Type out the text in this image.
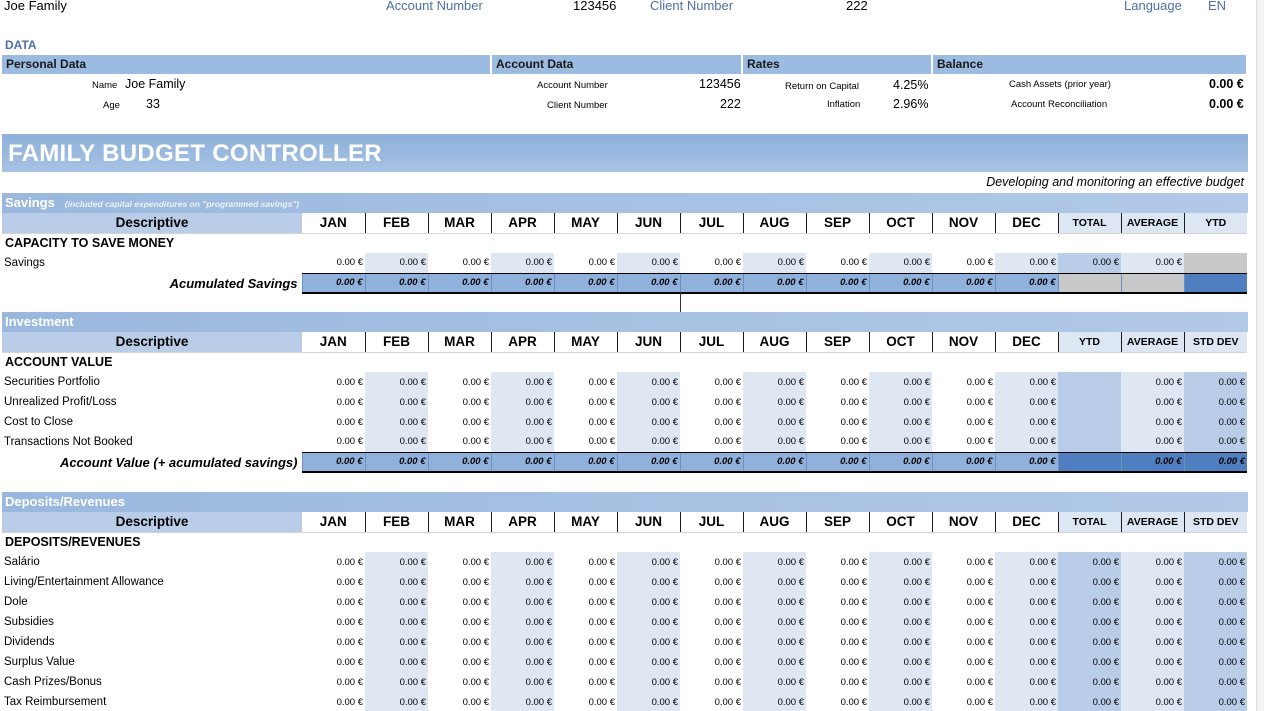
Joe Family	Account Number	123456	Client Number	222	Language EN
DATA
Personal Data	Account Data	Rates	Balance
Name Joe Family
Age 33
Account Number	123456
Client Number	222
Return on Capital	4.25%
Inflation	2.96%
Cash Assets (prior year)	0.00 €
Account Reconciliation	0.00 €
FAMILY BUDGET CONTROLLER
Developing and monitoring an effective budget
Savings (included capital expenditures on "programmed savings")
Descriptive	JAN	FEB	MAR	APR	MAY	JUN	JUL	AUG	SEP	OCT	NOV	DEC	TOTAL	AVERAGE	YTD
CAPACITY TO SAVE MONEY															
Savings	0.00 €	0.00 €	0.00 €	0.00 €	0.00 €	0.00 €	0.00 €	0.00 €	0.00 €	0.00 €	0.00 €	0.00 €	0.00 €	0.00 €	
Acumulated Savings	0.00 €	0.00 €	0.00 €	0.00 €	0.00 €	0.00 €	0.00 €	0.00 €	0.00 €	0.00 €	0.00 €	0.00 €			
Investment
Descriptive	JAN	FEB	MAR	APR	MAY	JUN	JUL	AUG	SEP	OCT	NOV	DEC	YTD	AVERAGE	STD DEV
ACCOUNT VALUE															
Securities Portfolio	0.00 €	0.00 €	0.00 €	0.00 €	0.00 €	0.00 €	0.00 €	0.00 €	0.00 €	0.00 €	0.00 €	0.00 €		0.00 €	0.00 €
Unrealized Profit/Loss	0.00 €	0.00 €	0.00 €	0.00 €	0.00 €	0.00 €	0.00 €	0.00 €	0.00 €	0.00 €	0.00 €	0.00 €		0.00 €	0.00 €
Cost to Close	0.00 €	0.00 €	0.00 €	0.00 €	0.00 €	0.00 €	0.00 €	0.00 €	0.00 €	0.00 €	0.00 €	0.00 €		0.00 €	0.00 €
Transactions Not Booked	0.00 €	0.00 €	0.00 €	0.00 €	0.00 €	0.00 €	0.00 €	0.00 €	0.00 €	0.00 €	0.00 €	0.00 €		0.00 €	0.00 €
Account Value (+ acumulated savings)	0.00 €	0.00 €	0.00 €	0.00 €	0.00 €	0.00 €	0.00 €	0.00 €	0.00 €	0.00 €	0.00 €	0.00 €		0.00 €	0.00 €
Deposits/Revenues
Descriptive	JAN	FEB	MAR	APR	MAY	JUN	JUL	AUG	SEP	OCT	NOV	DEC	TOTAL	AVERAGE	STD DEV
DEPOSITS/REVENUES															
Salário	0.00 €	0.00 €	0.00 €	0.00 €	0.00 €	0.00 €	0.00 €	0.00 €	0.00 €	0.00 €	0.00 €	0.00 €	0.00 €	0.00 €	0.00 €
Living/Entertainment Allowance	0.00 €	0.00 €	0.00 €	0.00 €	0.00 €	0.00 €	0.00 €	0.00 €	0.00 €	0.00 €	0.00 €	0.00 €	0.00 €	0.00 €	0.00 €
Dole	0.00 €	0.00 €	0.00 €	0.00 €	0.00 €	0.00 €	0.00 €	0.00 €	0.00 €	0.00 €	0.00 €	0.00 €	0.00 €	0.00 €	0.00 €
Subsidies	0.00 €	0.00 €	0.00 €	0.00 €	0.00 €	0.00 €	0.00 €	0.00 €	0.00 €	0.00 €	0.00 €	0.00 €	0.00 €	0.00 €	0.00 €
Dividends	0.00 €	0.00 €	0.00 €	0.00 €	0.00 €	0.00 €	0.00 €	0.00 €	0.00 €	0.00 €	0.00 €	0.00 €	0.00 €	0.00 €	0.00 €
Surplus Value	0.00 €	0.00 €	0.00 €	0.00 €	0.00 €	0.00 €	0.00 €	0.00 €	0.00 €	0.00 €	0.00 €	0.00 €	0.00 €	0.00 €	0.00 €
Cash Prizes/Bonus	0.00 €	0.00 €	0.00 €	0.00 €	0.00 €	0.00 €	0.00 €	0.00 €	0.00 €	0.00 €	0.00 €	0.00 €	0.00 €	0.00 €	0.00 €
Tax Reimbursement	0.00 €	0.00 €	0.00 €	0.00 €	0.00 €	0.00 €	0.00 €	0.00 €	0.00 €	0.00 €	0.00 €	0.00 €	0.00 €	0.00 €	0.00 €
